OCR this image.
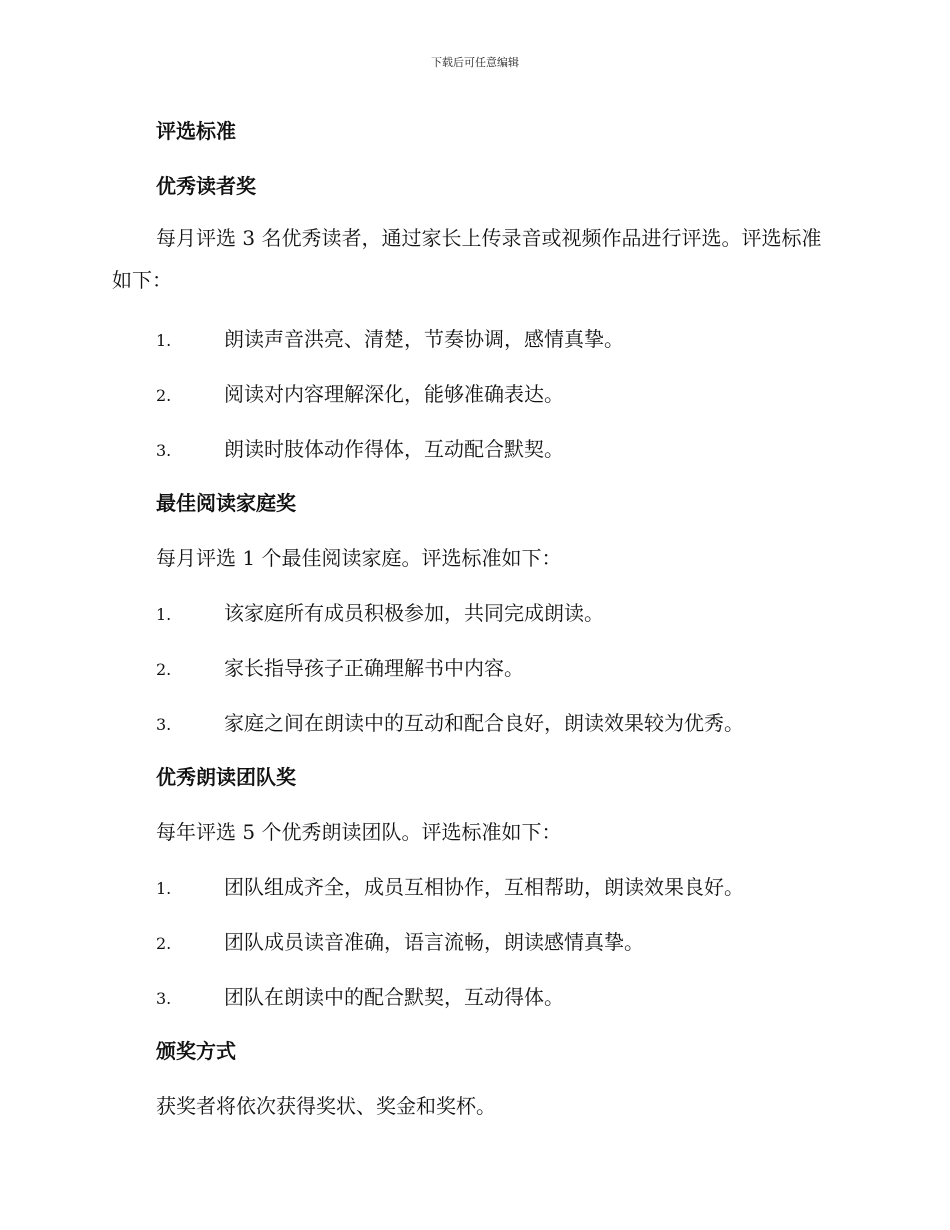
下载后可任意编辑
评选标准
优秀读者奖
每月评选 3 名优秀读者，通过家长上传录音或视频作品进行评选。评选标准如下：
1.	朗读声音洪亮、清楚，节奏协调，感情真挚。
2.	阅读对内容理解深化，能够准确表达。
3.	朗读时肢体动作得体，互动配合默契。
最佳阅读家庭奖
每月评选 1 个最佳阅读家庭。评选标准如下：
1.	该家庭所有成员积极参加，共同完成朗读。
2.	家长指导孩子正确理解书中内容。
3.	家庭之间在朗读中的互动和配合良好，朗读效果较为优秀。
优秀朗读团队奖
每年评选 5 个优秀朗读团队。评选标准如下：
1.	团队组成齐全，成员互相协作，互相帮助，朗读效果良好。
2.	团队成员读音准确，语言流畅，朗读感情真挚。
3.	团队在朗读中的配合默契，互动得体。
颁奖方式
获奖者将依次获得奖状、奖金和奖杯。
